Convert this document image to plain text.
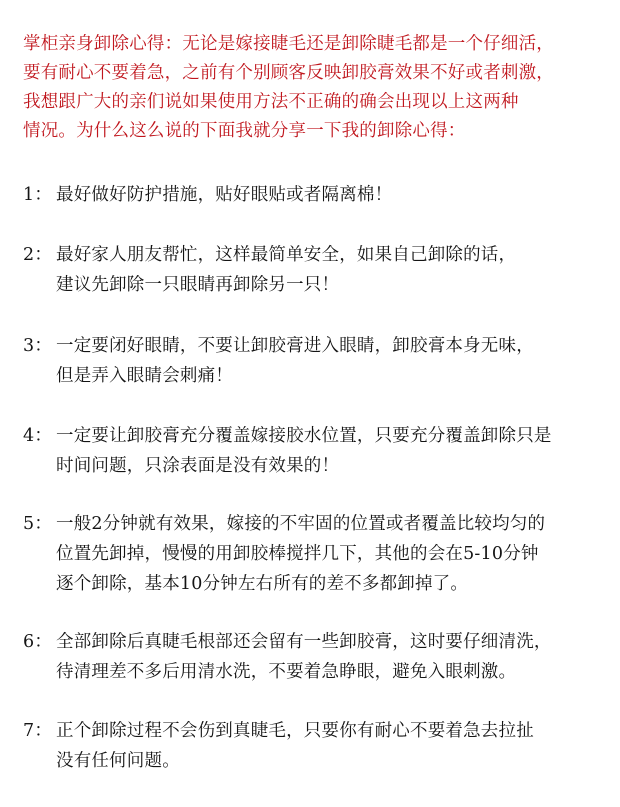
掌柜亲身卸除心得：无论是嫁接睫毛还是卸除睫毛都是一个仔细活，
要有耐心不要着急，之前有个别顾客反映卸胶膏效果不好或者刺激，
我想跟广大的亲们说如果使用方法不正确的确会出现以上这两种
情况。为什么这么说的下面我就分享一下我的卸除心得：
1： 最好做好防护措施，贴好眼贴或者隔离棉！
2： 最好家人朋友帮忙，这样最简单安全，如果自己卸除的话，
建议先卸除一只眼睛再卸除另一只！
3： 一定要闭好眼睛，不要让卸胶膏进入眼睛，卸胶膏本身无味，
但是弄入眼睛会刺痛！
4： 一定要让卸胶膏充分覆盖嫁接胶水位置，只要充分覆盖卸除只是
时间问题，只涂表面是没有效果的！
5： 一般2分钟就有效果，嫁接的不牢固的位置或者覆盖比较均匀的
位置先卸掉，慢慢的用卸胶棒搅拌几下，其他的会在5-10分钟
逐个卸除，基本10分钟左右所有的差不多都卸掉了。
6： 全部卸除后真睫毛根部还会留有一些卸胶膏，这时要仔细清洗，
待清理差不多后用清水洗，不要着急睁眼，避免入眼刺激。
7： 正个卸除过程不会伤到真睫毛，只要你有耐心不要着急去拉扯
没有任何问题。
